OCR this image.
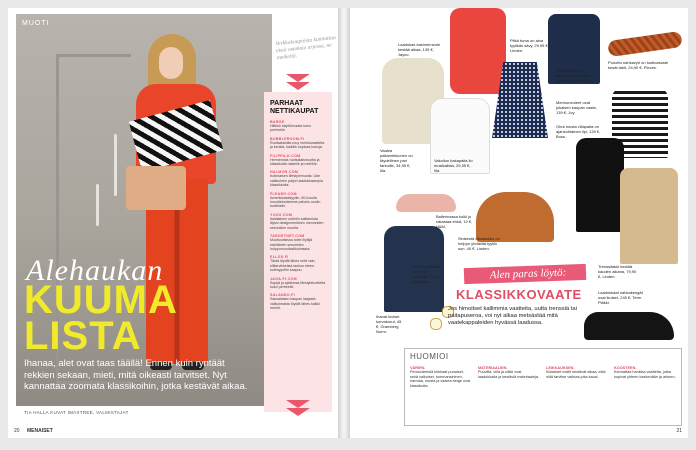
MUOTI
Alehaukan
KUUMA
LISTA
Ihanaa, alet ovat taas täällä! Ennen kuin ryntäät rekkien sekaan, mieti, mitä oikeasti tarvitset. Nyt kannattaa zoomata klassikoihin, jotka kestävät aikaa.
TIA HALLA KUVAT IMAXTREE, VALMISTAJAT
20 MENAISET
Verkkokaupoista kannattaa etsiä ostoksia arjessa, ne meikeitä.
PARHAAT NETTIKAUPAT
BARGE
Hittituk käyttömuotia koko perheelle.
BUBBLEROOM.FI
Ruotsalaisilta muy merkkivaatteita ja kenkiä, kaikille sopivaa kokoja.
FILIPPA-K.COM
Hermennäs ruotsalaismuotia ja klassikoita naiselle ja miehille.
HALMOR.COM
Kotimaisen lifestylemuotia. Ube vaikkoinen paljon laadukkaampia klassikkoita.
FLEAMY.COM
Amerikkalaistyyliin, 60-luvulta muodistuntamme palvelu uusiin tuotteisiin.
YOOX.COM
Italialainen outletin sailtamista lilyksi designmerkkien menneiden sesonkien muotia.
TARGETNET.COM
Muotiuutisissa tolee lilytlijä edeltävien sesonkien huippumuotivalikoimasta.
ELLOS.FI
Tästä löydät lähes mitä vain, ellitarvikkeista laukun eteen kotimyyntiin saapuu.
JAGA.FI.COM
Sopijä ja ajattomia lifestyletuotteita koko perheelle.
SALANDO.FI
Saksalaisen kaupan laajasta valikoimasta löydät lähes kaikki merkit.
Laadukas kashmirneule kestää aikaa, 139 €, Jayco.
Pitkä tuma on aina tyylikäs sävy, 29,95 €, Linden.
Farkkutakki käy sivulautoja taviteta, 39,95 €, Hunkydory.
Punottu nahkavyö on luottoasuste kesät takit, 24,90 €, Pieces.
Vaalea paitamekkonen on täydellinen pari farkuille, 34,95 €, Illa.
Vakoilun hakapaita ilo musikalista, 29,95 €, Illa.
Merinoneuleet ovat jokaisen kaupan vaate, 139 €, Joy.
Ohut musta villapaita on ajankohtainen ilpi, 139 €, Boss.
Ballerinassa kulki jo rakastaa ehkä, 10 €, H&M.
Sinisestä olkalaukku on helppo yhdistää tyyliin sun. 40 €, Linden.
Tummansininen neule on klassikko, 90 €, Lexington.
Ihanat kiviset korvakorut, 45 €, Gramberg Norm.
Trenssitakki kestää kauden aikana, 79,90 €, Linden.
Laadukkaat nahkakengät ovat ikuiset, 245 €, Term Pläkki.
Alen paras löytö:
KLASSIKKOVAATE
Jos himoitset kallimmia vaatteita, uutta trenssiä tai paitapuseroa, voi nyt alkaa metsästää mitä vaatekappaleiden hyvässä laadussa.
HUOMIOI
VÄRIEN.
Perusväreistä kirkkaat punaiset, sekä valkoiset, tummansininen, harmaa, musta ja vaalea beige ovat klassikoita.
MATERIAALIEN.
Puuvilla, villa ja silkki ovat laadukkaita ja kestäviä materiaaleja.
LEIKKAUKSEN.
Klassiset mallit kestävät aikaa, eikä niitä tarvitse vaihtaa joka kausi.
KOOSTEEN.
Kannattaa hankkia vaatteita, jotka sopivat yhteen keskenään ja arkeen.
21
